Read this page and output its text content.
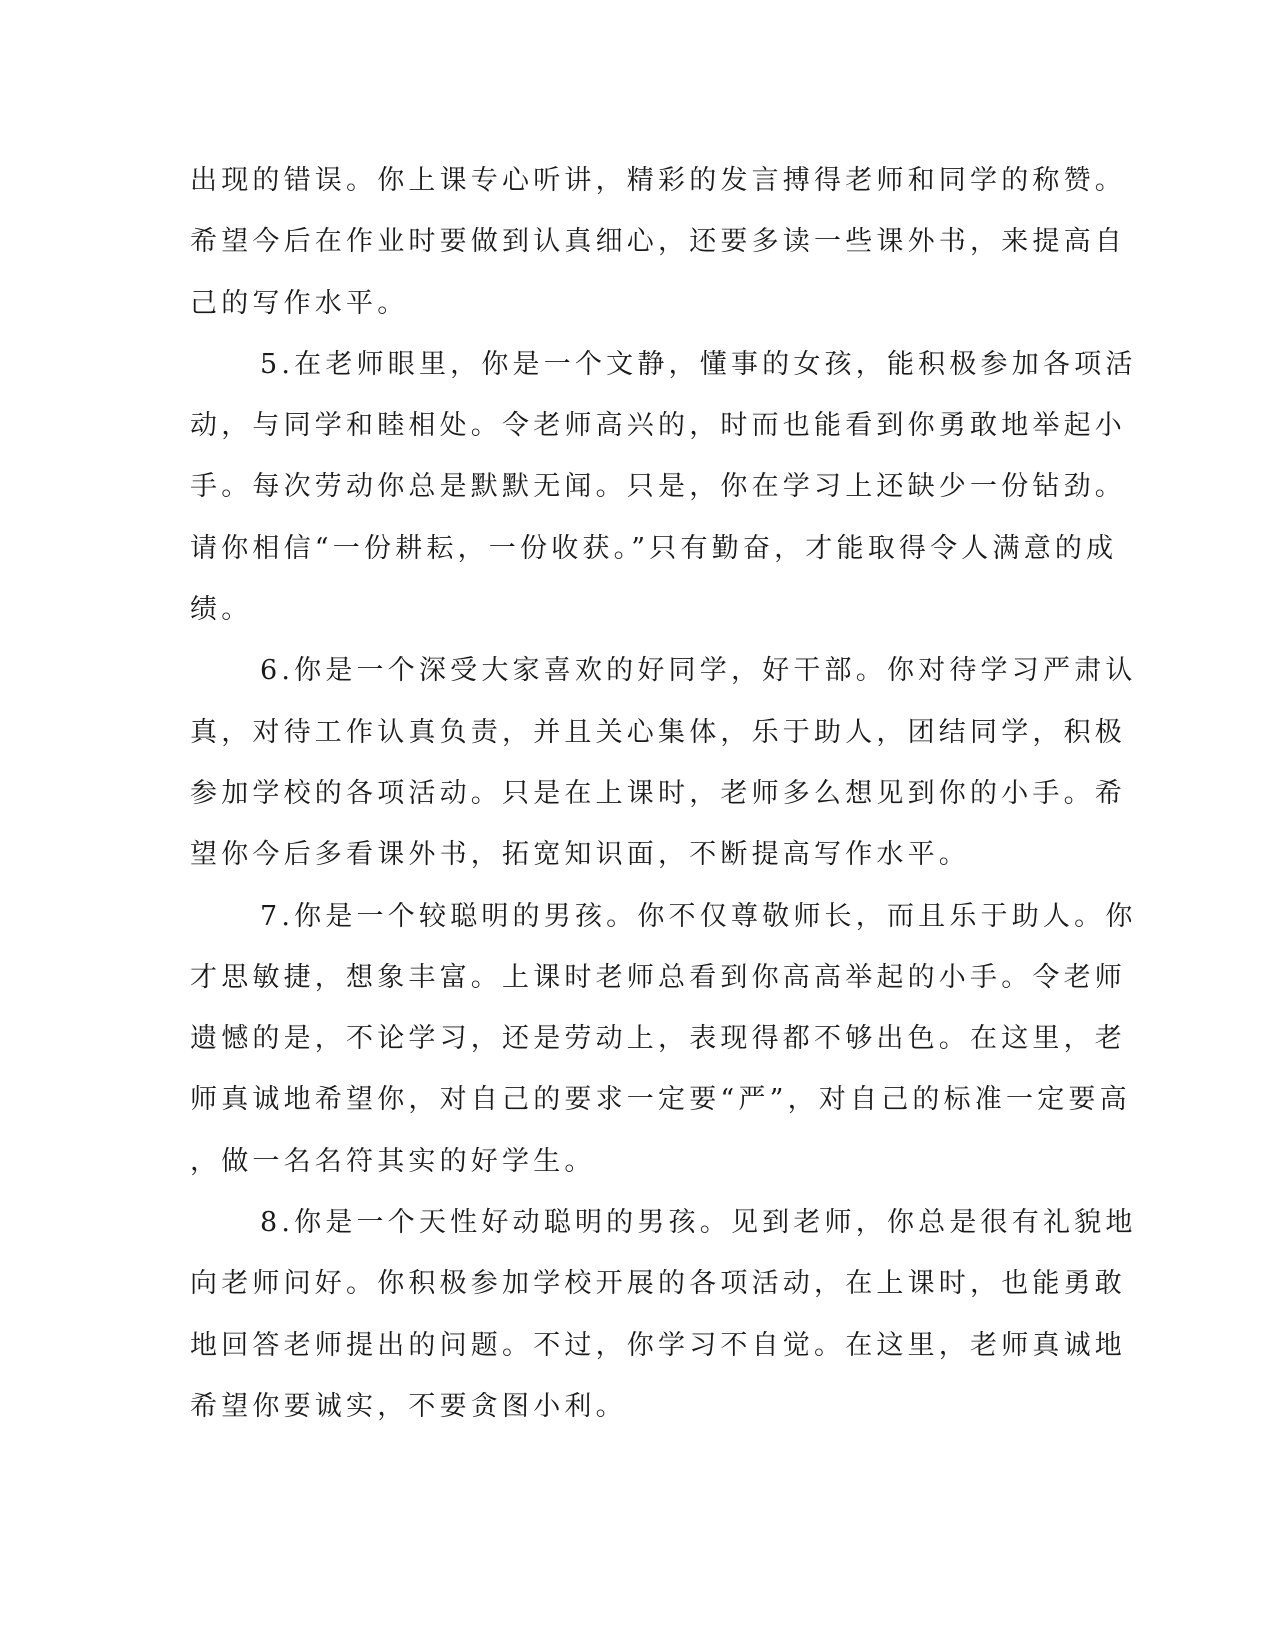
出现的错误。你上课专心听讲，精彩的发言搏得老师和同学的称赞。
希望今后在作业时要做到认真细心，还要多读一些课外书，来提高自
己的写作水平。
5.在老师眼里，你是一个文静，懂事的女孩，能积极参加各项活
动，与同学和睦相处。令老师高兴的，时而也能看到你勇敢地举起小
手。每次劳动你总是默默无闻。只是，你在学习上还缺少一份钻劲。
请你相信“一份耕耘，一份收获。”只有勤奋，才能取得令人满意的成
绩。
6.你是一个深受大家喜欢的好同学，好干部。你对待学习严肃认
真，对待工作认真负责，并且关心集体，乐于助人，团结同学，积极
参加学校的各项活动。只是在上课时，老师多么想见到你的小手。希
望你今后多看课外书，拓宽知识面，不断提高写作水平。
7.你是一个较聪明的男孩。你不仅尊敬师长，而且乐于助人。你
才思敏捷，想象丰富。上课时老师总看到你高高举起的小手。令老师
遗憾的是，不论学习，还是劳动上，表现得都不够出色。在这里，老
师真诚地希望你，对自己的要求一定要“严”，对自己的标准一定要高
，做一名名符其实的好学生。
8.你是一个天性好动聪明的男孩。见到老师，你总是很有礼貌地
向老师问好。你积极参加学校开展的各项活动，在上课时，也能勇敢
地回答老师提出的问题。不过，你学习不自觉。在这里，老师真诚地
希望你要诚实，不要贪图小利。
